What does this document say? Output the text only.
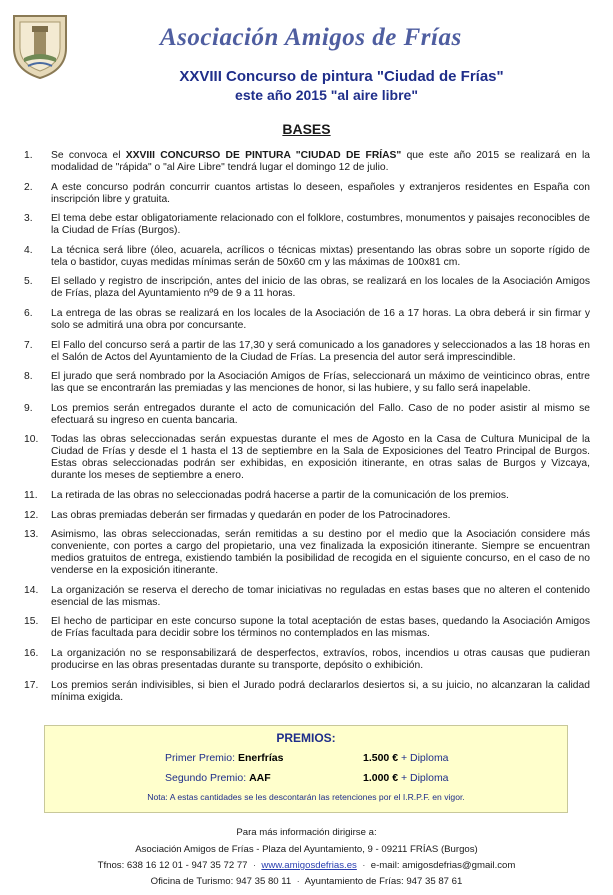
Asociación Amigos de Frías
XXVIII Concurso de pintura "Ciudad de Frías"
este año 2015 "al aire libre"
BASES
1.	Se convoca el XXVIII CONCURSO DE PINTURA "CIUDAD DE FRÍAS" que este año 2015 se realizará en la modalidad de "rápida" o "al Aire Libre" tendrá lugar el domingo 12 de julio.
2.	A este concurso podrán concurrir cuantos artistas lo deseen, españoles y extranjeros residentes en España con inscripción libre y gratuita.
3.	El tema debe estar obligatoriamente relacionado con el folklore, costumbres, monumentos y paisajes reconocibles de la Ciudad de Frías (Burgos).
4.	La técnica será libre (óleo, acuarela, acrílicos o técnicas mixtas) presentando las obras sobre un soporte rígido de tela o bastidor, cuyas medidas mínimas serán de 50x60 cm y las máximas de 100x81 cm.
5.	El sellado y registro de inscripción, antes del inicio de las obras, se realizará en los locales de la Asociación Amigos de Frías, plaza del Ayuntamiento nº9 de 9 a 11 horas.
6.	La entrega de las obras se realizará en los locales de la Asociación de 16 a 17 horas. La obra deberá ir sin firmar y solo se admitirá una obra por concursante.
7.	El Fallo del concurso será a partir de las 17,30 y será comunicado a los ganadores y seleccionados a las 18 horas en el Salón de Actos del Ayuntamiento de la Ciudad de Frías. La presencia del autor será imprescindible.
8.	El jurado que será nombrado por la Asociación Amigos de Frías, seleccionará un máximo de veinticinco obras, entre las que se encontrarán las premiadas y las menciones de honor, si las hubiere, y su fallo será inapelable.
9.	Los premios serán entregados durante el acto de comunicación del Fallo. Caso de no poder asistir al mismo se efectuará su ingreso en cuenta bancaria.
10.	Todas las obras seleccionadas serán expuestas durante el mes de Agosto en la Casa de Cultura Municipal de la Ciudad de Frías y desde el 1 hasta el 13 de septiembre en la Sala de Exposiciones del Teatro Principal de Burgos. Estas obras seleccionadas podrán ser exhibidas, en exposición itinerante, en otras salas de Burgos y Vizcaya, durante los meses de septiembre a enero.
11.	La retirada de las obras no seleccionadas podrá hacerse a partir de la comunicación de los premios.
12.	Las obras premiadas deberán ser firmadas y quedarán en poder de los Patrocinadores.
13.	Asimismo, las obras seleccionadas, serán remitidas a su destino por el medio que la Asociación considere más conveniente, con portes a cargo del propietario, una vez finalizada la exposición itinerante. Siempre se encuentran medios gratuitos de entrega, existiendo también la posibilidad de recogida en el siguiente concurso, en el caso de no venderse en la exposición itinerante.
14.	La organización se reserva el derecho de tomar iniciativas no reguladas en estas bases que no alteren el contenido esencial de las mismas.
15.	El hecho de participar en este concurso supone la total aceptación de estas bases, quedando la Asociación Amigos de Frías facultada para decidir sobre los términos no contemplados en las mismas.
16.	La organización no se responsabilizará de desperfectos, extravíos, robos, incendios u otras causas que pudieran producirse en las obras presentadas durante su transporte, depósito o exhibición.
17.	Los premios serán indivisibles, si bien el Jurado podrá declararlos desiertos si, a su juicio, no alcanzaran la calidad mínima exigida.
PREMIOS:
Primer Premio: Enerfrías	1.500 € + Diploma
Segundo Premio: AAF	1.000 € + Diploma
Nota: A estas cantidades se les descontarán las retenciones por el I.R.P.F. en vigor.
Para más información dirigirse a:
Asociación Amigos de Frías - Plaza del Ayuntamiento, 9 - 09211 FRÍAS (Burgos)
Tfnos: 638 16 12 01 - 947 35 72 77 · www.amigosdefrias.es · e-mail: amigosdefrias@gmail.com
Oficina de Turismo: 947 35 80 11 · Ayuntamiento de Frías: 947 35 87 61
